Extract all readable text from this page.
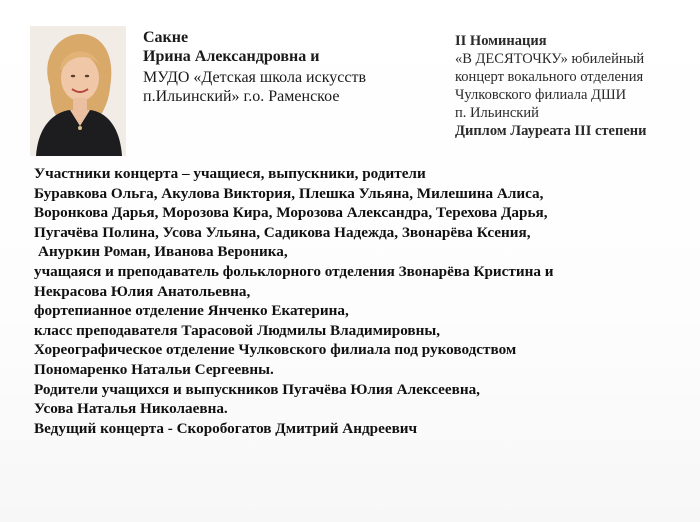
Сакне
Ирина Александровна и
МУДО «Детская школа искусств
п.Ильинский» г.о. Раменское
II Номинация
«В ДЕСЯТОЧКУ» юбилейный
концерт вокального отделения
Чулковского филиала ДШИ
п. Ильинский
Диплом Лауреата III степени
Участники концерта – учащиеся, выпускники, родители
Буравкова Ольга, Акулова Виктория, Плешка Ульяна, Милешина Алиса,
Воронкова Дарья, Морозова Кира, Морозова Александра, Терехова Дарья,
Пугачёва Полина, Усова Ульяна, Садикова Надежда, Звонарёва Ксения,
Ануркин Роман, Иванова Вероника,
учащаяся и преподаватель фольклорного отделения Звонарёва Кристина и
Некрасова Юлия Анатольевна,
фортепианное отделение Янченко Екатерина,
класс преподавателя Тарасовой Людмилы Владимировны,
Хореографическое отделение Чулковского филиала под руководством
Пономаренко Натальи Сергеевны.
Родители учащихся и выпускников Пугачёва Юлия Алексеевна,
Усова Наталья Николаевна.
Ведущий концерта - Скоробогатов Дмитрий Андреевич
